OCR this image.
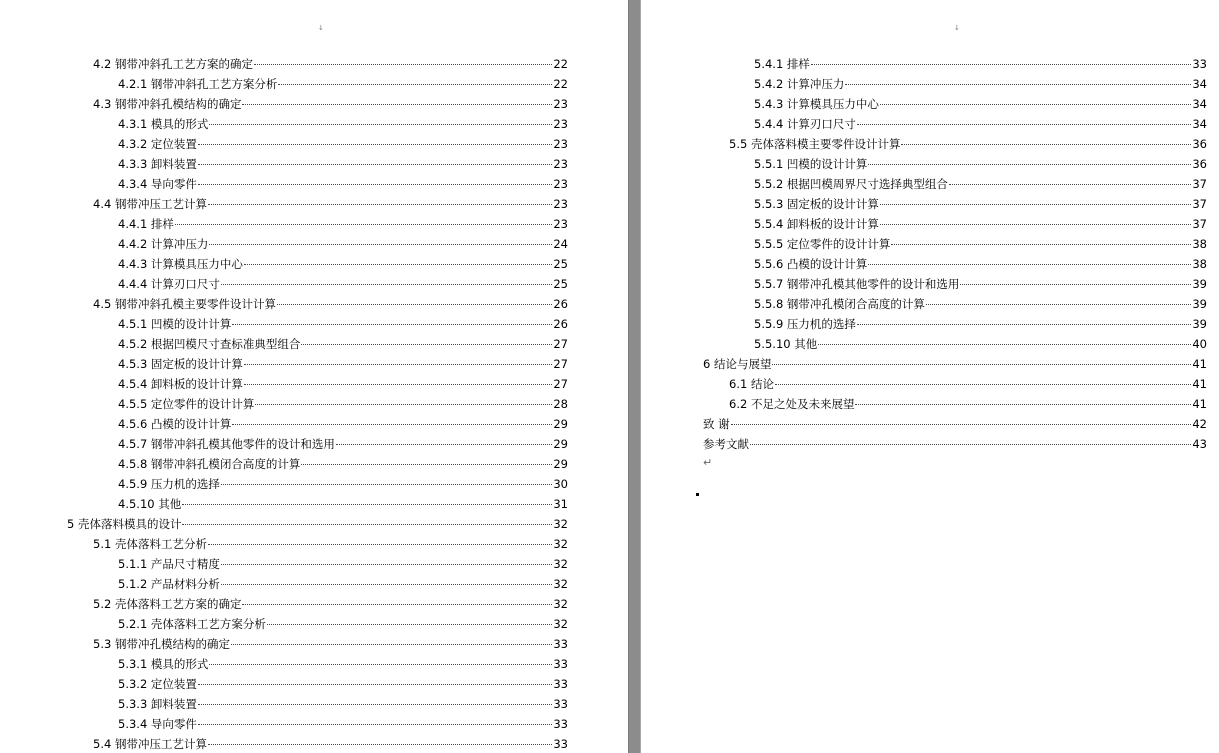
↓
4.2 钢带冲斜孔工艺方案的确定	22
4.2.1 钢带冲斜孔工艺方案分析	22
4.3 钢带冲斜孔模结构的确定	23
4.3.1 模具的形式	23
4.3.2 定位装置	23
4.3.3 卸料装置	23
4.3.4 导向零件	23
4.4 钢带冲压工艺计算	23
4.4.1 排样	23
4.4.2 计算冲压力	24
4.4.3 计算模具压力中心	25
4.4.4 计算刃口尺寸	25
4.5 钢带冲斜孔模主要零件设计计算	26
4.5.1 凹模的设计计算	26
4.5.2 根据凹模尺寸查标准典型组合	27
4.5.3 固定板的设计计算	27
4.5.4 卸料板的设计计算	27
4.5.5 定位零件的设计计算	28
4.5.6 凸模的设计计算	29
4.5.7 钢带冲斜孔模其他零件的设计和选用	29
4.5.8 钢带冲斜孔模闭合高度的计算	29
4.5.9 压力机的选择	30
4.5.10 其他	31
5 壳体落料模具的设计	32
5.1 壳体落料工艺分析	32
5.1.1 产品尺寸精度	32
5.1.2 产品材料分析	32
5.2 壳体落料工艺方案的确定	32
5.2.1 壳体落料工艺方案分析	32
5.3 钢带冲孔模结构的确定	33
5.3.1 模具的形式	33
5.3.2 定位装置	33
5.3.3 卸料装置	33
5.3.4 导向零件	33
5.4 钢带冲压工艺计算	33
↓
5.4.1 排样	33
5.4.2 计算冲压力	34
5.4.3 计算模具压力中心	34
5.4.4 计算刃口尺寸	34
5.5 壳体落料模主要零件设计计算	36
5.5.1 凹模的设计计算	36
5.5.2 根据凹模周界尺寸选择典型组合	37
5.5.3 固定板的设计计算	37
5.5.4 卸料板的设计计算	37
5.5.5 定位零件的设计计算	38
5.5.6 凸模的设计计算	38
5.5.7 钢带冲孔模其他零件的设计和选用	39
5.5.8 钢带冲孔模闭合高度的计算	39
5.5.9 压力机的选择	39
5.5.10 其他	40
6 结论与展望	41
6.1 结论	41
6.2 不足之处及未来展望	41
致 谢	42
参考文献	43
↵
